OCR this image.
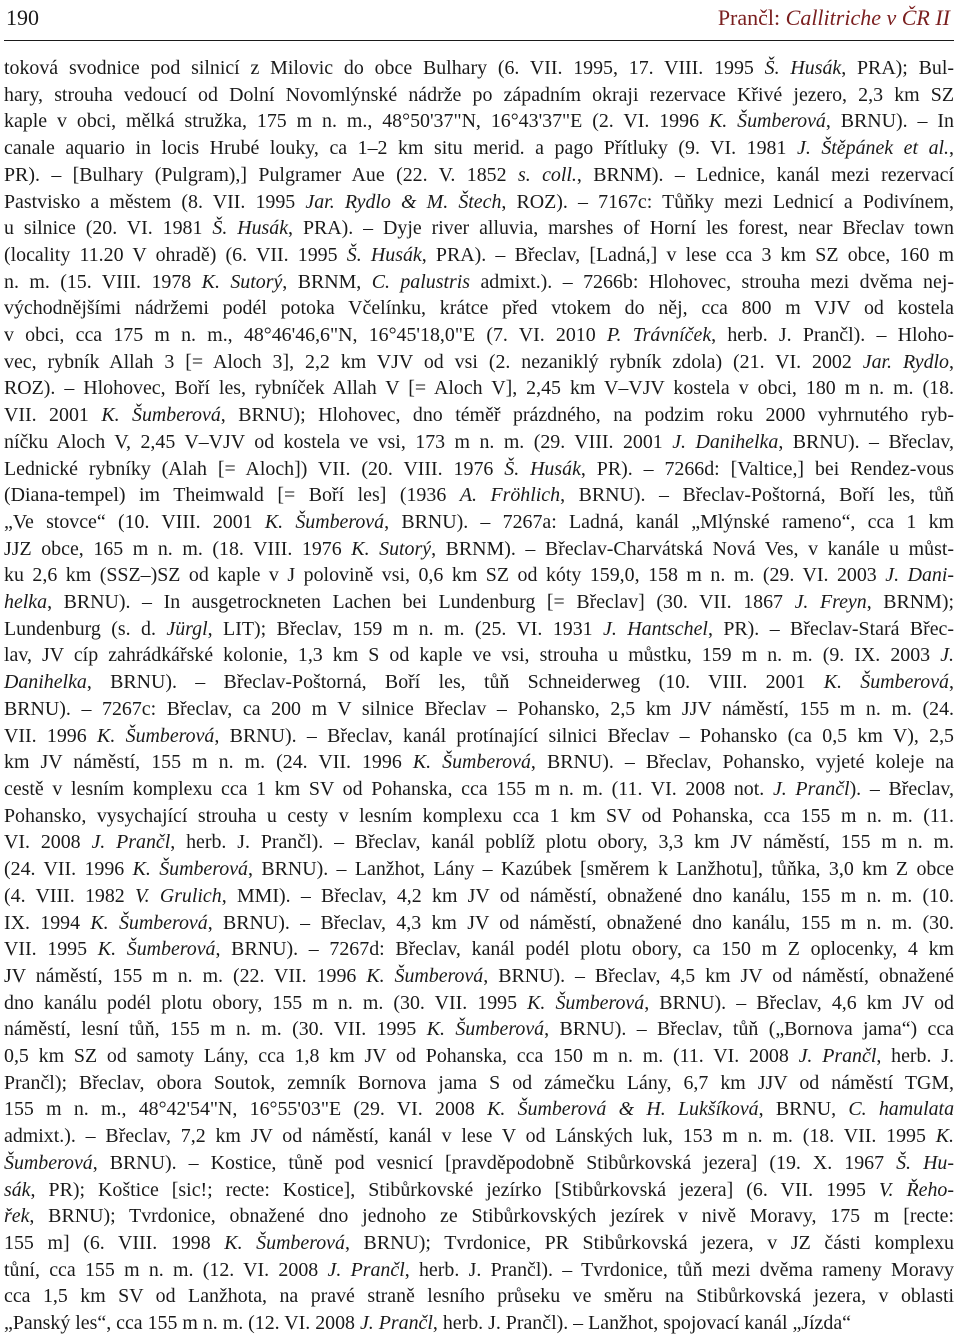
190	Prančl: Callitriche v ČR II
toková svodnice pod silnicí z Milovic do obce Bulhary (6. VII. 1995, 17. VIII. 1995 Š. Husák, PRA); Bul-
hary, strouha vedoucí od Dolní Novomlýnské nádrže po západním okraji rezervace Křivé jezero, 2,3 km SZ
kaple v obci, mělká stružka, 175 m n. m., 48°50'37"N, 16°43'37"E (2. VI. 1996 K. Šumberová, BRNU). – In
canale aquario in locis Hrubé louky, ca 1–2 km situ merid. a pago Přítluky (9. VI. 1981 J. Štěpánek et al.,
PR). – [Bulhary (Pulgram),] Pulgramer Aue (22. V. 1852 s. coll., BRNM). – Lednice, kanál mezi rezervací
Pastvisko a městem (8. VII. 1995 Jar. Rydlo & M. Štech, ROZ). – 7167c: Tůňky mezi Lednicí a Podivínem,
u silnice (20. VI. 1981 Š. Husák, PRA). – Dyje river alluvia, marshes of Horní les forest, near Břeclav town
(locality 11.20 V ohradě) (6. VII. 1995 Š. Husák, PRA). – Břeclav, [Ladná,] v lese cca 3 km SZ obce, 160 m
n. m. (15. VIII. 1978 K. Sutorý, BRNM, C. palustris admixt.). – 7266b: Hlohovec, strouha mezi dvěma nej-
východnějšími nádržemi podél potoka Včelínku, krátce před vtokem do něj, cca 800 m VJV od kostela
v obci, cca 175 m n. m., 48°46'46,6"N, 16°45'18,0"E (7. VI. 2010 P. Trávníček, herb. J. Prančl). – Hloho-
vec, rybník Allah 3 [= Aloch 3], 2,2 km VJV od vsi (2. nezaniklý rybník zdola) (21. VI. 2002 Jar. Rydlo,
ROZ). – Hlohovec, Boří les, rybníček Allah V [= Aloch V], 2,45 km V–VJV kostela v obci, 180 m n. m. (18.
VII. 2001 K. Šumberová, BRNU); Hlohovec, dno téměř prázdného, na podzim roku 2000 vyhrnutého ryb-
níčku Aloch V, 2,45 V–VJV od kostela ve vsi, 173 m n. m. (29. VIII. 2001 J. Danihelka, BRNU). – Břeclav,
Lednické rybníky (Alah [= Aloch]) VII. (20. VIII. 1976 Š. Husák, PR). – 7266d: [Valtice,] bei Rendez-vous
(Diana-tempel) im Theimwald [= Boří les] (1936 A. Fröhlich, BRNU). – Břeclav-Poštorná, Boří les, tůň
„Ve stovce“ (10. VIII. 2001 K. Šumberová, BRNU). – 7267a: Ladná, kanál „Mlýnské rameno“, cca 1 km
JJZ obce, 165 m n. m. (18. VIII. 1976 K. Sutorý, BRNM). – Břeclav-Charvátská Nová Ves, v kanále u můst-
ku 2,6 km (SSZ–)SZ od kaple v J polovině vsi, 0,6 km SZ od kóty 159,0, 158 m n. m. (29. VI. 2003 J. Dani-
helka, BRNU). – In ausgetrockneten Lachen bei Lundenburg [= Břeclav] (30. VII. 1867 J. Freyn, BRNM);
Lundenburg (s. d. Jürgl, LIT); Břeclav, 159 m n. m. (25. VI. 1931 J. Hantschel, PR). – Břeclav-Stará Břec-
lav, JV cíp zahrádkářské kolonie, 1,3 km S od kaple ve vsi, strouha u můstku, 159 m n. m. (9. IX. 2003 J.
Danihelka, BRNU). – Břeclav-Poštorná, Boří les, tůň Schneiderweg (10. VIII. 2001 K. Šumberová,
BRNU). – 7267c: Břeclav, ca 200 m V silnice Břeclav – Pohansko, 2,5 km JJV náměstí, 155 m n. m. (24.
VII. 1996 K. Šumberová, BRNU). – Břeclav, kanál protínající silnici Břeclav – Pohansko (ca 0,5 km V), 2,5
km JV náměstí, 155 m n. m. (24. VII. 1996 K. Šumberová, BRNU). – Břeclav, Pohansko, vyjeté koleje na
cestě v lesním komplexu cca 1 km SV od Pohanska, cca 155 m n. m. (11. VI. 2008 not. J. Prančl). – Břeclav,
Pohansko, vysychající strouha u cesty v lesním komplexu cca 1 km SV od Pohanska, cca 155 m n. m. (11.
VI. 2008 J. Prančl, herb. J. Prančl). – Břeclav, kanál poblíž plotu obory, 3,3 km JV náměstí, 155 m n. m.
(24. VII. 1996 K. Šumberová, BRNU). – Lanžhot, Lány – Kazúbek [směrem k Lanžhotu], tůňka, 3,0 km Z obce
(4. VIII. 1982 V. Grulich, MMI). – Břeclav, 4,2 km JV od náměstí, obnažené dno kanálu, 155 m n. m. (10.
IX. 1994 K. Šumberová, BRNU). – Břeclav, 4,3 km JV od náměstí, obnažené dno kanálu, 155 m n. m. (30.
VII. 1995 K. Šumberová, BRNU). – 7267d: Břeclav, kanál podél plotu obory, ca 150 m Z oplocenky, 4 km
JV náměstí, 155 m n. m. (22. VII. 1996 K. Šumberová, BRNU). – Břeclav, 4,5 km JV od náměstí, obnažené
dno kanálu podél plotu obory, 155 m n. m. (30. VII. 1995 K. Šumberová, BRNU). – Břeclav, 4,6 km JV od
náměstí, lesní tůň, 155 m n. m. (30. VII. 1995 K. Šumberová, BRNU). – Břeclav, tůň („Bornova jama“) cca
0,5 km SZ od samoty Lány, cca 1,8 km JV od Pohanska, cca 150 m n. m. (11. VI. 2008 J. Prančl, herb. J.
Prančl); Břeclav, obora Soutok, zemník Bornova jama S od zámečku Lány, 6,7 km JJV od náměstí TGM,
155 m n. m., 48°42'54"N, 16°55'03"E (29. VI. 2008 K. Šumberová & H. Lukšíková, BRNU, C. hamulata
admixt.). – Břeclav, 7,2 km JV od náměstí, kanál v lese V od Lánských luk, 153 m n. m. (18. VII. 1995 K.
Šumberová, BRNU). – Kostice, tůně pod vesnicí [pravděpodobně Stibůrkovská jezera] (19. X. 1967 Š. Hu-
sák, PR); Koštice [sic!; recte: Kostice], Stibůrkovské jezírko [Stibůrkovská jezera] (6. VII. 1995 V. Řeho-
řek, BRNU); Tvrdonice, obnažené dno jednoho ze Stibůrkovských jezírek v nivě Moravy, 175 m [recte:
155 m] (6. VIII. 1998 K. Šumberová, BRNU); Tvrdonice, PR Stibůrkovská jezera, v JZ části komplexu
tůní, cca 155 m n. m. (12. VI. 2008 J. Prančl, herb. J. Prančl). – Tvrdonice, tůň mezi dvěma rameny Moravy
cca 1,5 km SV od Lanžhota, na pravé straně lesního průseku ve směru na Stibůrkovská jezera, v oblasti
„Panský les“, cca 155 m n. m. (12. VI. 2008 J. Prančl, herb. J. Prančl). – Lanžhot, spojovací kanál „Jízda“
